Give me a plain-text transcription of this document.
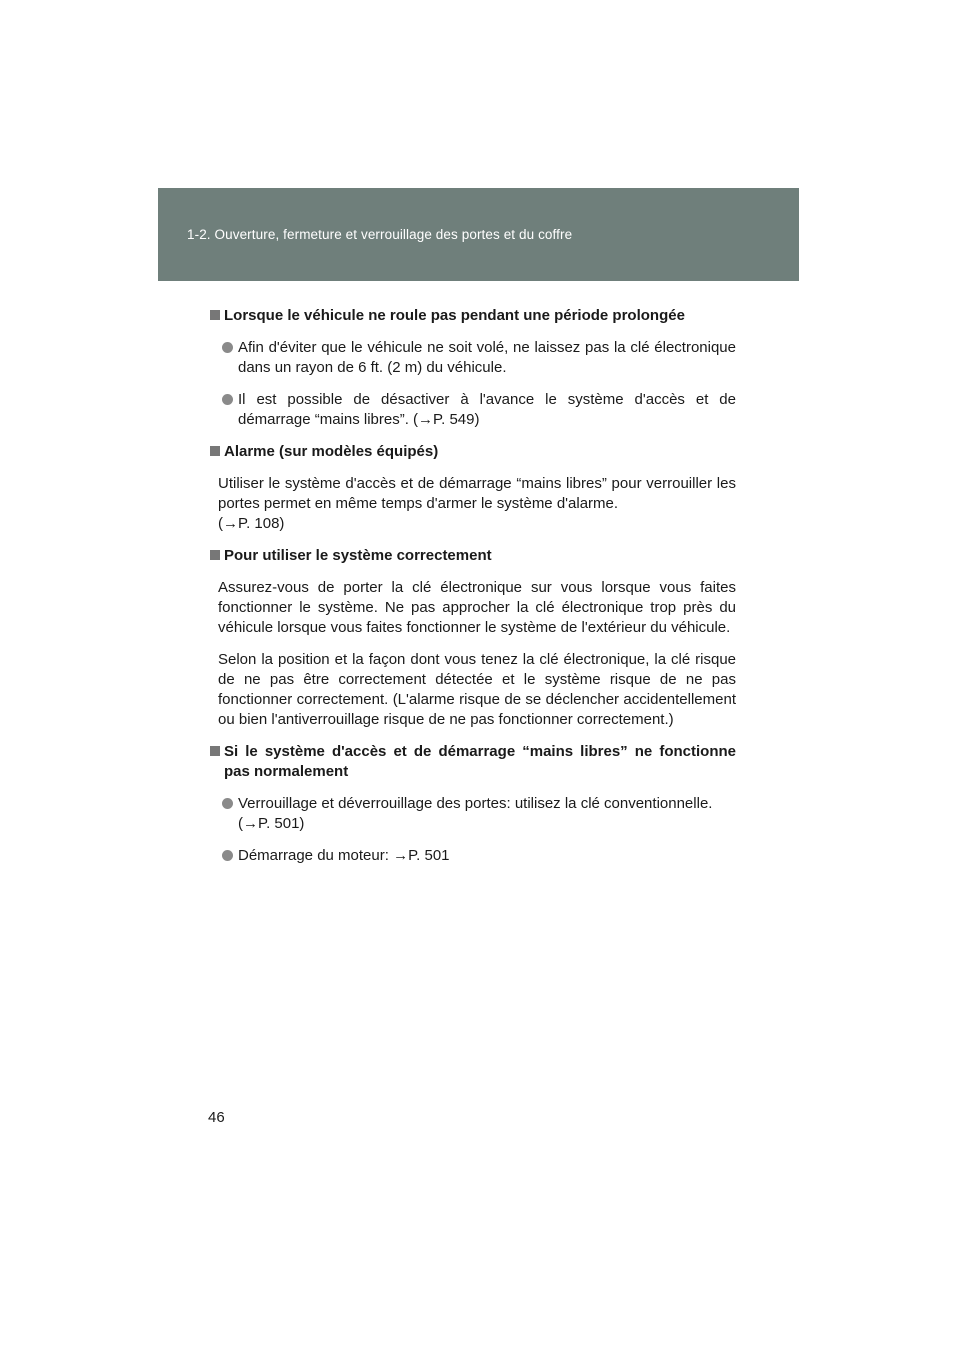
1-2. Ouverture, fermeture et verrouillage des portes et du coffre
Lorsque le véhicule ne roule pas pendant une période prolongée
Afin d'éviter que le véhicule ne soit volé, ne laissez pas la clé électronique dans un rayon de 6 ft. (2 m) du véhicule.
Il est possible de désactiver à l'avance le système d'accès et de démarrage “mains libres”. (→P. 549)
Alarme (sur modèles équipés)
Utiliser le système d'accès et de démarrage “mains libres” pour verrouiller les portes permet en même temps d'armer le système d'alarme.
(→P. 108)
Pour utiliser le système correctement
Assurez-vous de porter la clé électronique sur vous lorsque vous faites fonctionner le système. Ne pas approcher la clé électronique trop près du véhicule lorsque vous faites fonctionner le système de l'extérieur du véhicule.
Selon la position et la façon dont vous tenez la clé électronique, la clé risque de ne pas être correctement détectée et le système risque de ne pas fonctionner correctement. (L'alarme risque de se déclencher accidentellement ou bien l'antiverrouillage risque de ne pas fonctionner correctement.)
Si le système d'accès et de démarrage “mains libres” ne fonctionne pas normalement
Verrouillage et déverrouillage des portes: utilisez la clé conventionnelle.
(→P. 501)
Démarrage du moteur: →P. 501
46
